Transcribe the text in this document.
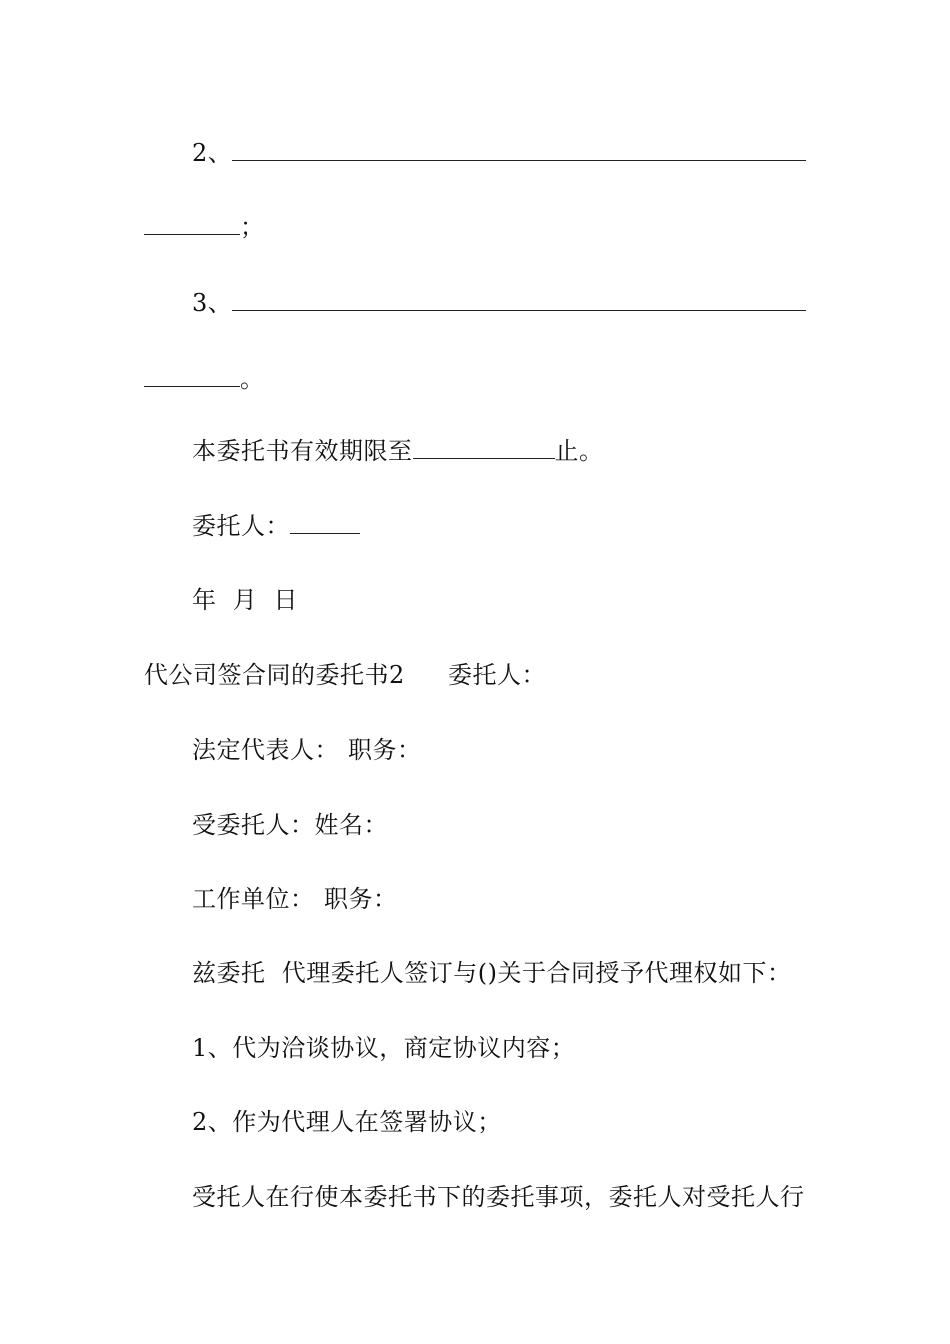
2、
；
3、
。
本委托书有效期限至	止。
委托人：
年  月  日
代公司签合同的委托书2 委托人：
法定代表人： 职务：
受委托人：姓名：
工作单位： 职务：
兹委托  代理委托人签订与()关于合同授予代理权如下：
1、代为洽谈协议，商定协议内容；
2、作为代理人在签署协议；
受托人在行使本委托书下的委托事项，委托人对受托人行
